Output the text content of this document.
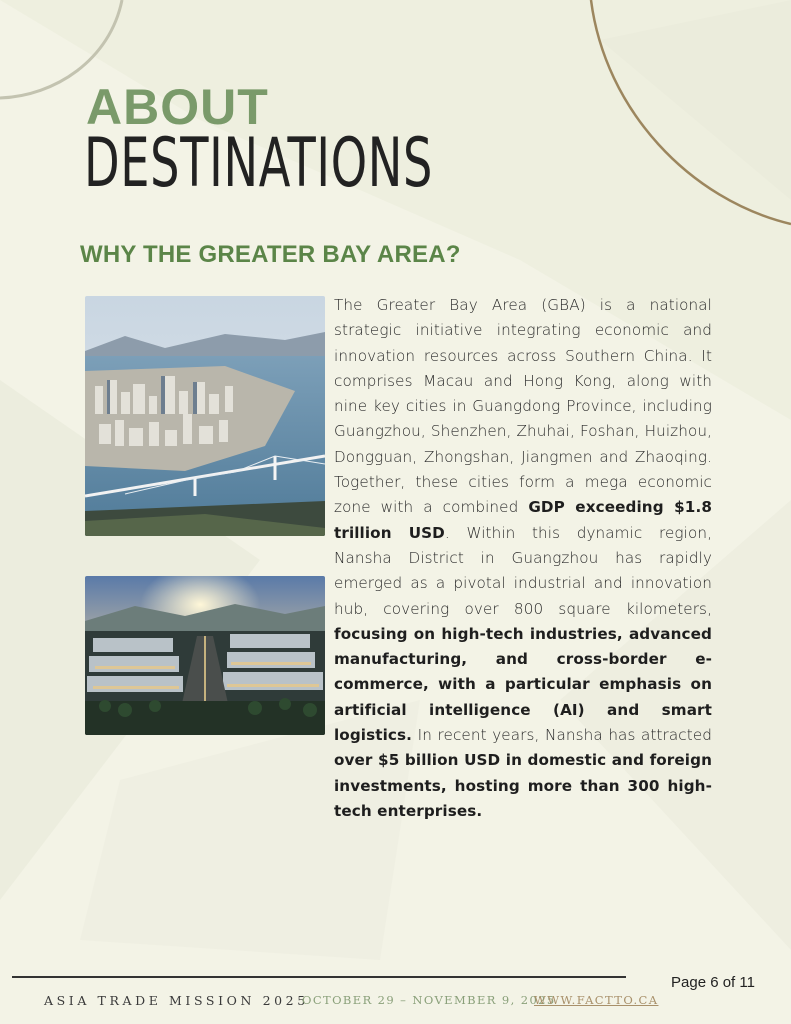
ABOUT
DESTINATIONS
WHY THE GREATER BAY AREA?
The Greater Bay Area (GBA) is a national strategic initiative integrating economic and innovation resources across Southern China. It comprises Macau and Hong Kong, along with nine key cities in Guangdong Province, including Guangzhou, Shenzhen, Zhuhai, Foshan, Huizhou, Dongguan, Zhongshan, Jiangmen and Zhaoqing. Together, these cities form a mega economic zone with a combined GDP exceeding $1.8 trillion USD. Within this dynamic region, Nansha District in Guangzhou has rapidly emerged as a pivotal industrial and innovation hub, covering over 800 square kilometers, focusing on high-tech industries, advanced manufacturing, and cross-border e-commerce, with a particular emphasis on artificial intelligence (AI) and smart logistics. In recent years, Nansha has attracted over $5 billion USD in domestic and foreign investments, hosting more than 300 high-tech enterprises.
Page 6 of 11
ASIA TRADE MISSION 2025
OCTOBER 29 – NOVEMBER 9, 2025
WWW.FACTTO.CA
